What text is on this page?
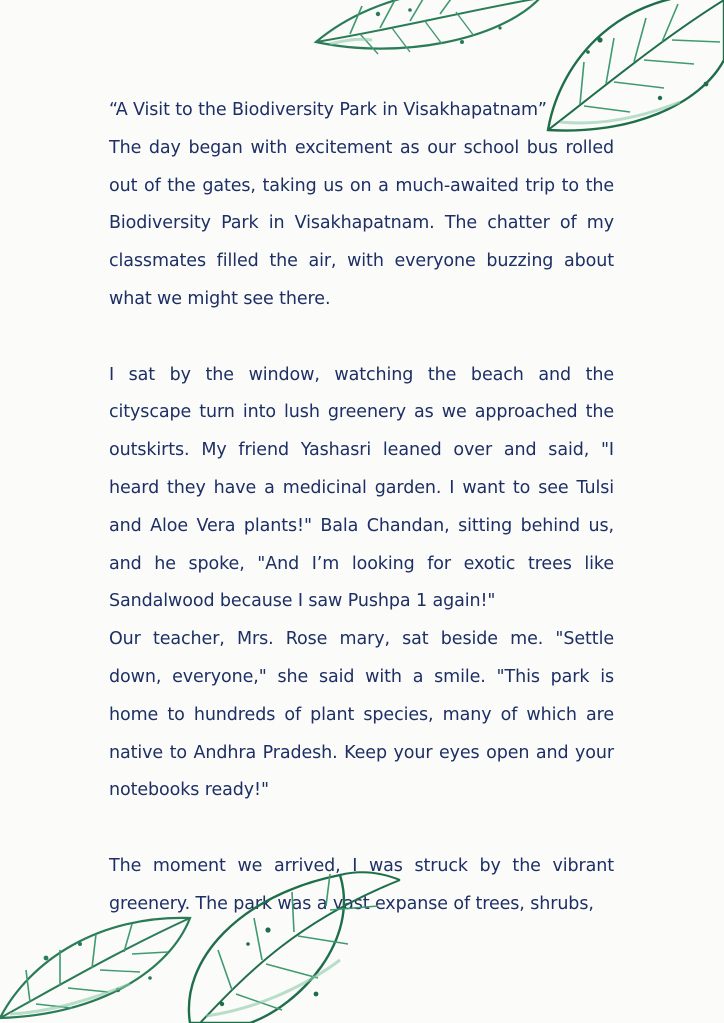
“A Visit to the Biodiversity Park in Visakhapatnam”

The day began with excitement as our school bus rolled out of the gates, taking us on a much-awaited trip to the Biodiversity Park in Visakhapatnam. The chatter of my classmates filled the air, with everyone buzzing about what we might see there.

I sat by the window, watching the beach and the cityscape turn into lush greenery as we approached the outskirts. My friend Yashasri leaned over and said, "I heard they have a medicinal garden. I want to see Tulsi and Aloe Vera plants!" Bala Chandan, sitting behind us, and he spoke, "And I’m looking for exotic trees like Sandalwood because I saw Pushpa 1 again!"

Our teacher, Mrs. Rose mary, sat beside me. "Settle down, everyone," she said with a smile. "This park is home to hundreds of plant species, many of which are native to Andhra Pradesh. Keep your eyes open and your notebooks ready!"

The moment we arrived, I was struck by the vibrant greenery. The park was a vast expanse of trees, shrubs,
